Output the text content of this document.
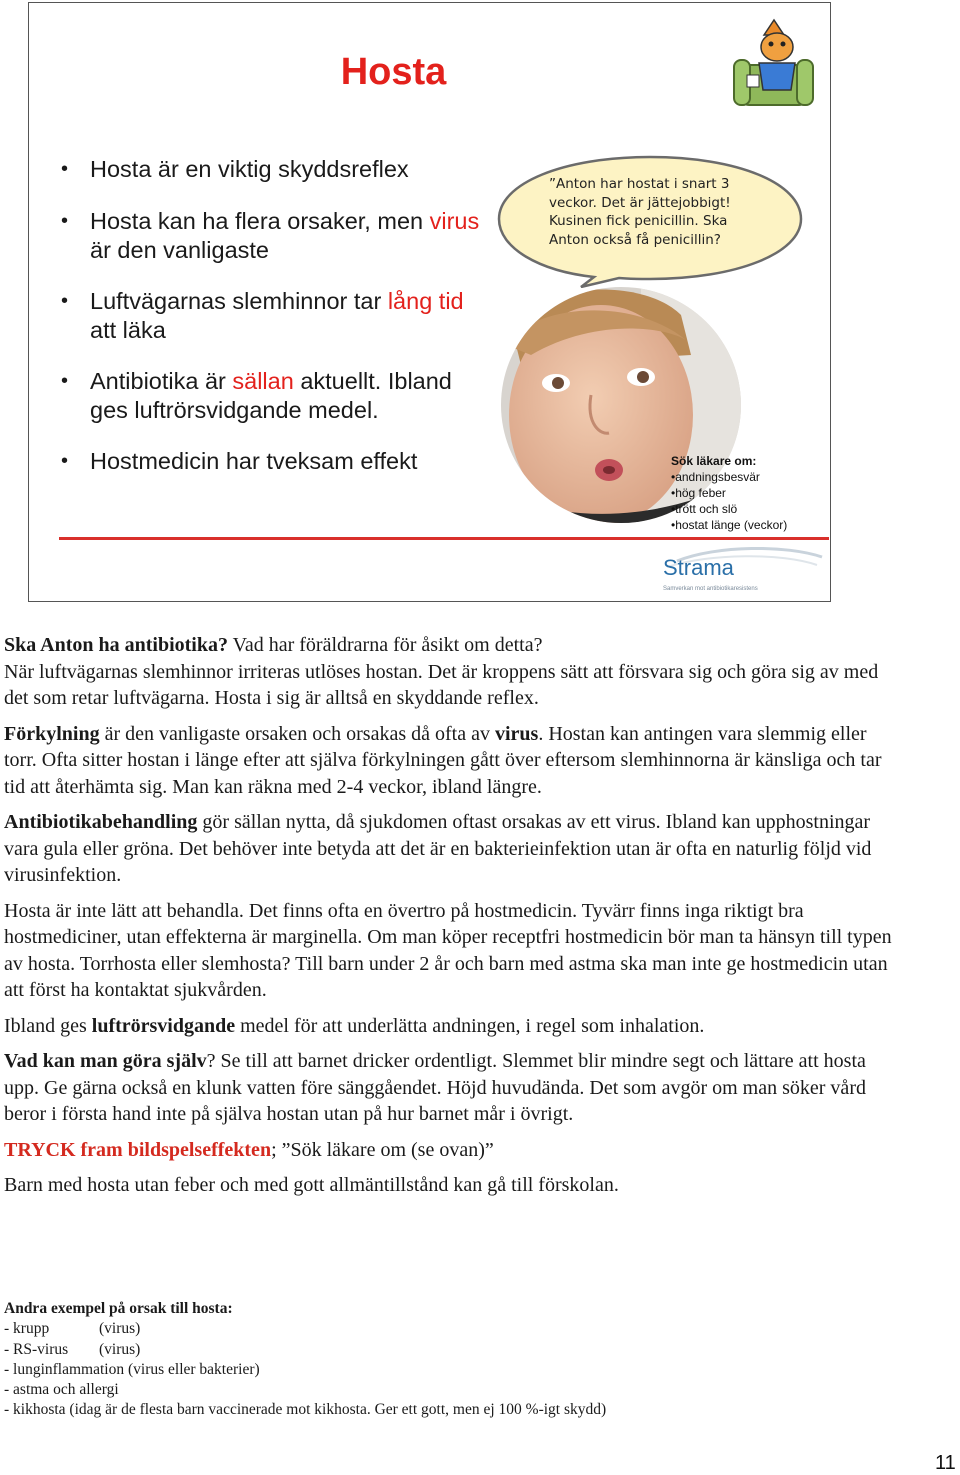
Hosta
• Hosta är en viktig skyddsreflex
• Hosta kan ha flera orsaker, men virus är den vanligaste
• Luftvägarnas slemhinnor tar lång tid att läka
• Antibiotika är sällan aktuellt. Ibland ges luftrörsvidgande medel.
• Hostmedicin har tveksam effekt
”Anton har hostat i snart 3
veckor. Det är jättejobbigt!
Kusinen fick penicillin. Ska
Anton också få penicillin?
Sök läkare om:
•andningsbesvär
•hög feber
•trött och slö
•hostat länge (veckor)
Strama
Samverkan mot antibiotikaresistens

Ska Anton ha antibiotika? Vad har föräldrarna för åsikt om detta?
När luftvägarnas slemhinnor irriteras utlöses hostan. Det är kroppens sätt att försvara sig och göra sig av med det som retar luftvägarna. Hosta i sig är alltså en skyddande reflex.

Förkylning är den vanligaste orsaken och orsakas då ofta av virus. Hostan kan antingen vara slemmig eller torr. Ofta sitter hostan i länge efter att själva förkylningen gått över eftersom slemhinnorna är känsliga och tar tid att återhämta sig. Man kan räkna med 2-4 veckor, ibland längre.

Antibiotikabehandling gör sällan nytta, då sjukdomen oftast orsakas av ett virus. Ibland kan upphostningar vara gula eller gröna. Det behöver inte betyda att det är en bakterieinfektion utan är ofta en naturlig följd vid virusinfektion.

Hosta är inte lätt att behandla. Det finns ofta en övertro på hostmedicin. Tyvärr finns inga riktigt bra hostmediciner, utan effekterna är marginella. Om man köper receptfri hostmedicin bör man ta hänsyn till typen av hosta. Torrhosta eller slemhosta? Till barn under 2 år och barn med astma ska man inte ge hostmedicin utan att först ha kontaktat sjukvården.

Ibland ges luftrörsvidgande medel för att underlätta andningen, i regel som inhalation.

Vad kan man göra själv? Se till att barnet dricker ordentligt. Slemmet blir mindre segt och lättare att hosta upp. Ge gärna också en klunk vatten före sänggåendet. Höjd huvudända. Det som avgör om man söker vård beror i första hand inte på själva hostan utan på hur barnet mår i övrigt.

TRYCK fram bildspelseffekten; ”Sök läkare om (se ovan)”

Barn med hosta utan feber och med gott allmäntillstånd kan gå till förskolan.

Andra exempel på orsak till hosta:
- krupp	(virus)
- RS-virus (virus)
- lunginflammation (virus eller bakterier)
- astma och allergi
- kikhosta (idag är de flesta barn vaccinerade mot kikhosta. Ger ett gott, men ej 100 %-igt skydd)
11
